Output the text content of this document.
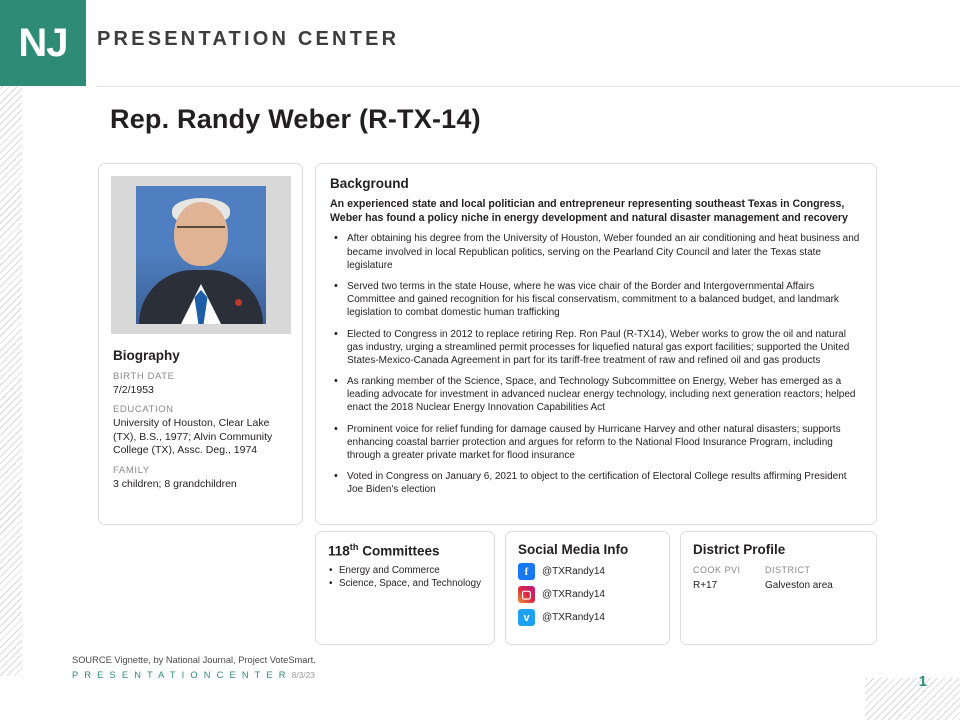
NJ PRESENTATION CENTER
Rep. Randy Weber (R-TX-14)
Biography
BIRTH DATE
7/2/1953
EDUCATION
University of Houston, Clear Lake (TX), B.S., 1977; Alvin Community College (TX), Assc. Deg., 1974
FAMILY
3 children; 8 grandchildren
Background
An experienced state and local politician and entrepreneur representing southeast Texas in Congress, Weber has found a policy niche in energy development and natural disaster management and recovery
• After obtaining his degree from the University of Houston, Weber founded an air conditioning and heat business and became involved in local Republican politics, serving on the Pearland City Council and later the Texas state legislature
• Served two terms in the state House, where he was vice chair of the Border and Intergovernmental Affairs Committee and gained recognition for his fiscal conservatism, commitment to a balanced budget, and landmark legislation to combat domestic human trafficking
• Elected to Congress in 2012 to replace retiring Rep. Ron Paul (R-TX14), Weber works to grow the oil and natural gas industry, urging a streamlined permit processes for liquefied natural gas export facilities; supported the United States-Mexico-Canada Agreement in part for its tariff-free treatment of raw and refined oil and gas products
• As ranking member of the Science, Space, and Technology Subcommittee on Energy, Weber has emerged as a leading advocate for investment in advanced nuclear energy technology, including next generation reactors; helped enact the 2018 Nuclear Energy Innovation Capabilities Act
• Prominent voice for relief funding for damage caused by Hurricane Harvey and other natural disasters; supports enhancing coastal barrier protection and argues for reform to the National Flood Insurance Program, including through a greater private market for flood insurance
• Voted in Congress on January 6, 2021 to object to the certification of Electoral College results affirming President Joe Biden's election
118th Committees
• Energy and Commerce
• Science, Space, and Technology
Social Media Info
f	@TXRandy14
▢	@TXRandy14
ᴠ	@TXRandy14
District Profile
COOK PVI	DISTRICT
R+17	Galveston area
SOURCE Vignette, by National Journal, Project VoteSmart.
P R E S E N T A T I O N C E N T E R 8/3/23	1
